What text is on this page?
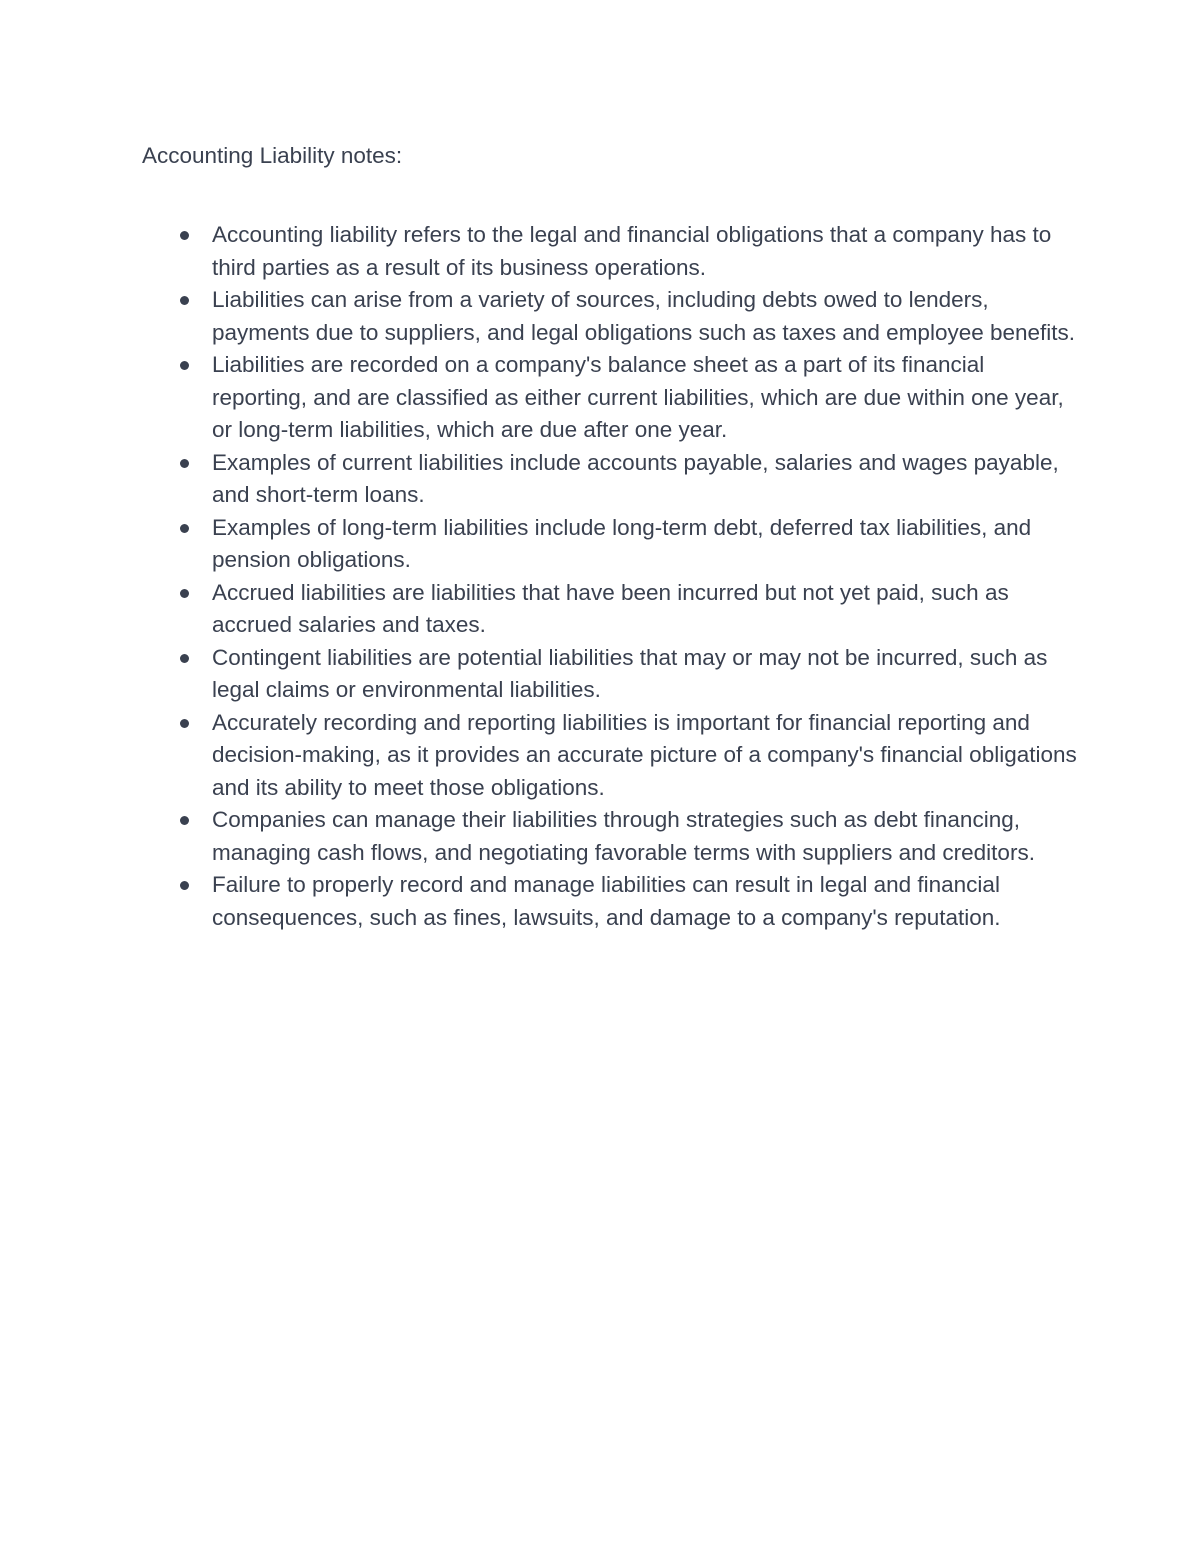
Accounting Liability notes:
Accounting liability refers to the legal and financial obligations that a company has to third parties as a result of its business operations.
Liabilities can arise from a variety of sources, including debts owed to lenders, payments due to suppliers, and legal obligations such as taxes and employee benefits.
Liabilities are recorded on a company's balance sheet as a part of its financial reporting, and are classified as either current liabilities, which are due within one year, or long-term liabilities, which are due after one year.
Examples of current liabilities include accounts payable, salaries and wages payable, and short-term loans.
Examples of long-term liabilities include long-term debt, deferred tax liabilities, and pension obligations.
Accrued liabilities are liabilities that have been incurred but not yet paid, such as accrued salaries and taxes.
Contingent liabilities are potential liabilities that may or may not be incurred, such as legal claims or environmental liabilities.
Accurately recording and reporting liabilities is important for financial reporting and decision-making, as it provides an accurate picture of a company's financial obligations and its ability to meet those obligations.
Companies can manage their liabilities through strategies such as debt financing, managing cash flows, and negotiating favorable terms with suppliers and creditors.
Failure to properly record and manage liabilities can result in legal and financial consequences, such as fines, lawsuits, and damage to a company's reputation.
